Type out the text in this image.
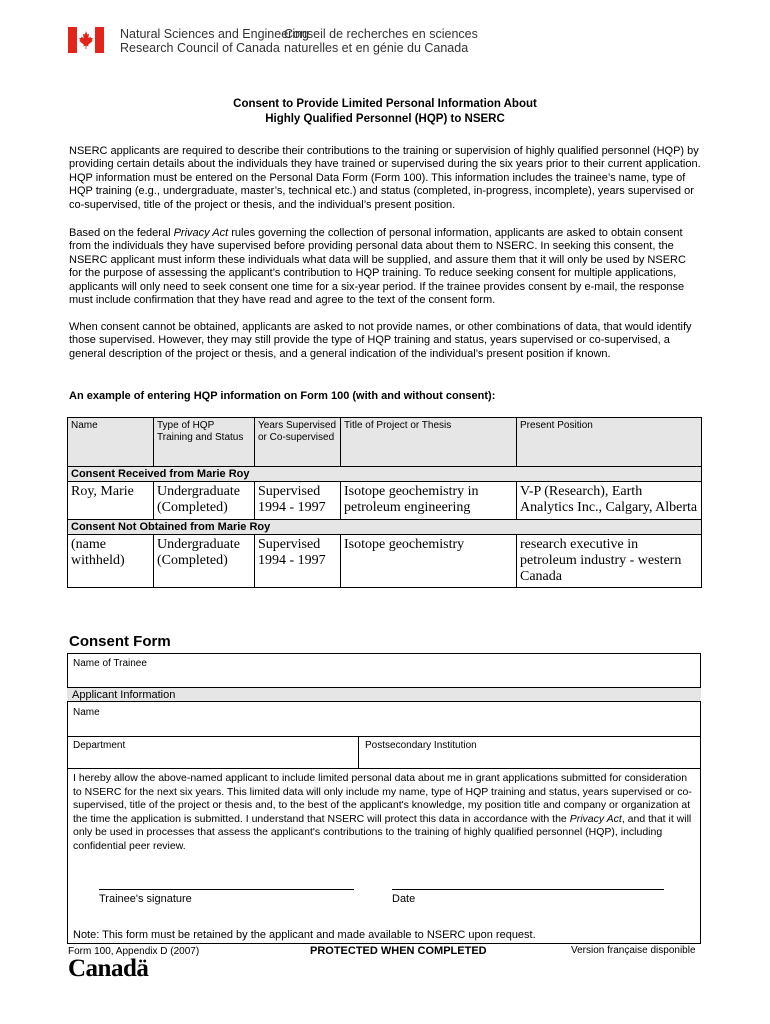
Natural Sciences and Engineering
Research Council of Canada
Conseil de recherches en sciences
naturelles et en génie du Canada
Consent to Provide Limited Personal Information About
Highly Qualified Personnel (HQP) to NSERC

NSERC applicants are required to describe their contributions to the training or supervision of highly qualified personnel (HQP) by providing certain details about the individuals they have trained or supervised during the six years prior to their current application. HQP information must be entered on the Personal Data Form (Form 100). This information includes the trainee’s name, type of HQP training (e.g., undergraduate, master’s, technical etc.) and status (completed, in-progress, incomplete), years supervised or co-supervised, title of the project or thesis, and the individual’s present position.

Based on the federal Privacy Act rules governing the collection of personal information, applicants are asked to obtain consent from the individuals they have supervised before providing personal data about them to NSERC. In seeking this consent, the NSERC applicant must inform these individuals what data will be supplied, and assure them that it will only be used by NSERC for the purpose of assessing the applicant’s contribution to HQP training. To reduce seeking consent for multiple applications, applicants will only need to seek consent one time for a six-year period. If the trainee provides consent by e-mail, the response must include confirmation that they have read and agree to the text of the consent form.

When consent cannot be obtained, applicants are asked to not provide names, or other combinations of data, that would identify those supervised. However, they may still provide the type of HQP training and status, years supervised or co-supervised, a general description of the project or thesis, and a general indication of the individual’s present position if known.

An example of entering HQP information on Form 100 (with and without consent):
Name	Type of HQP Training and Status	Years Supervised or Co-supervised	Title of Project or Thesis	Present Position
Consent Received from Marie Roy				
Roy, Marie	Undergraduate (Completed)	Supervised 1994 - 1997	Isotope geochemistry in petroleum engineering	V-P (Research), Earth Analytics Inc., Calgary, Alberta
Consent Not Obtained from Marie Roy				
(name withheld)	Undergraduate (Completed)	Supervised 1994 - 1997	Isotope geochemistry	research executive in petroleum industry - western Canada
Consent Form
Name of Trainee
Applicant Information
Name
Department	Postsecondary Institution

I hereby allow the above-named applicant to include limited personal data about me in grant applications submitted for consideration to NSERC for the next six years. This limited data will only include my name, type of HQP training and status, years supervised or co-supervised, title of the project or thesis and, to the best of the applicant's knowledge, my position title and company or organization at the time the application is submitted. I understand that NSERC will protect this data in accordance with the Privacy Act, and that it will only be used in processes that assess the applicant's contributions to the training of highly qualified personnel (HQP), including confidential peer review.

Trainee's signature	Date
Note: This form must be retained by the applicant and made available to NSERC upon request.
Form 100, Appendix D (2007)	PROTECTED WHEN COMPLETED	Version française disponible
Canadä
